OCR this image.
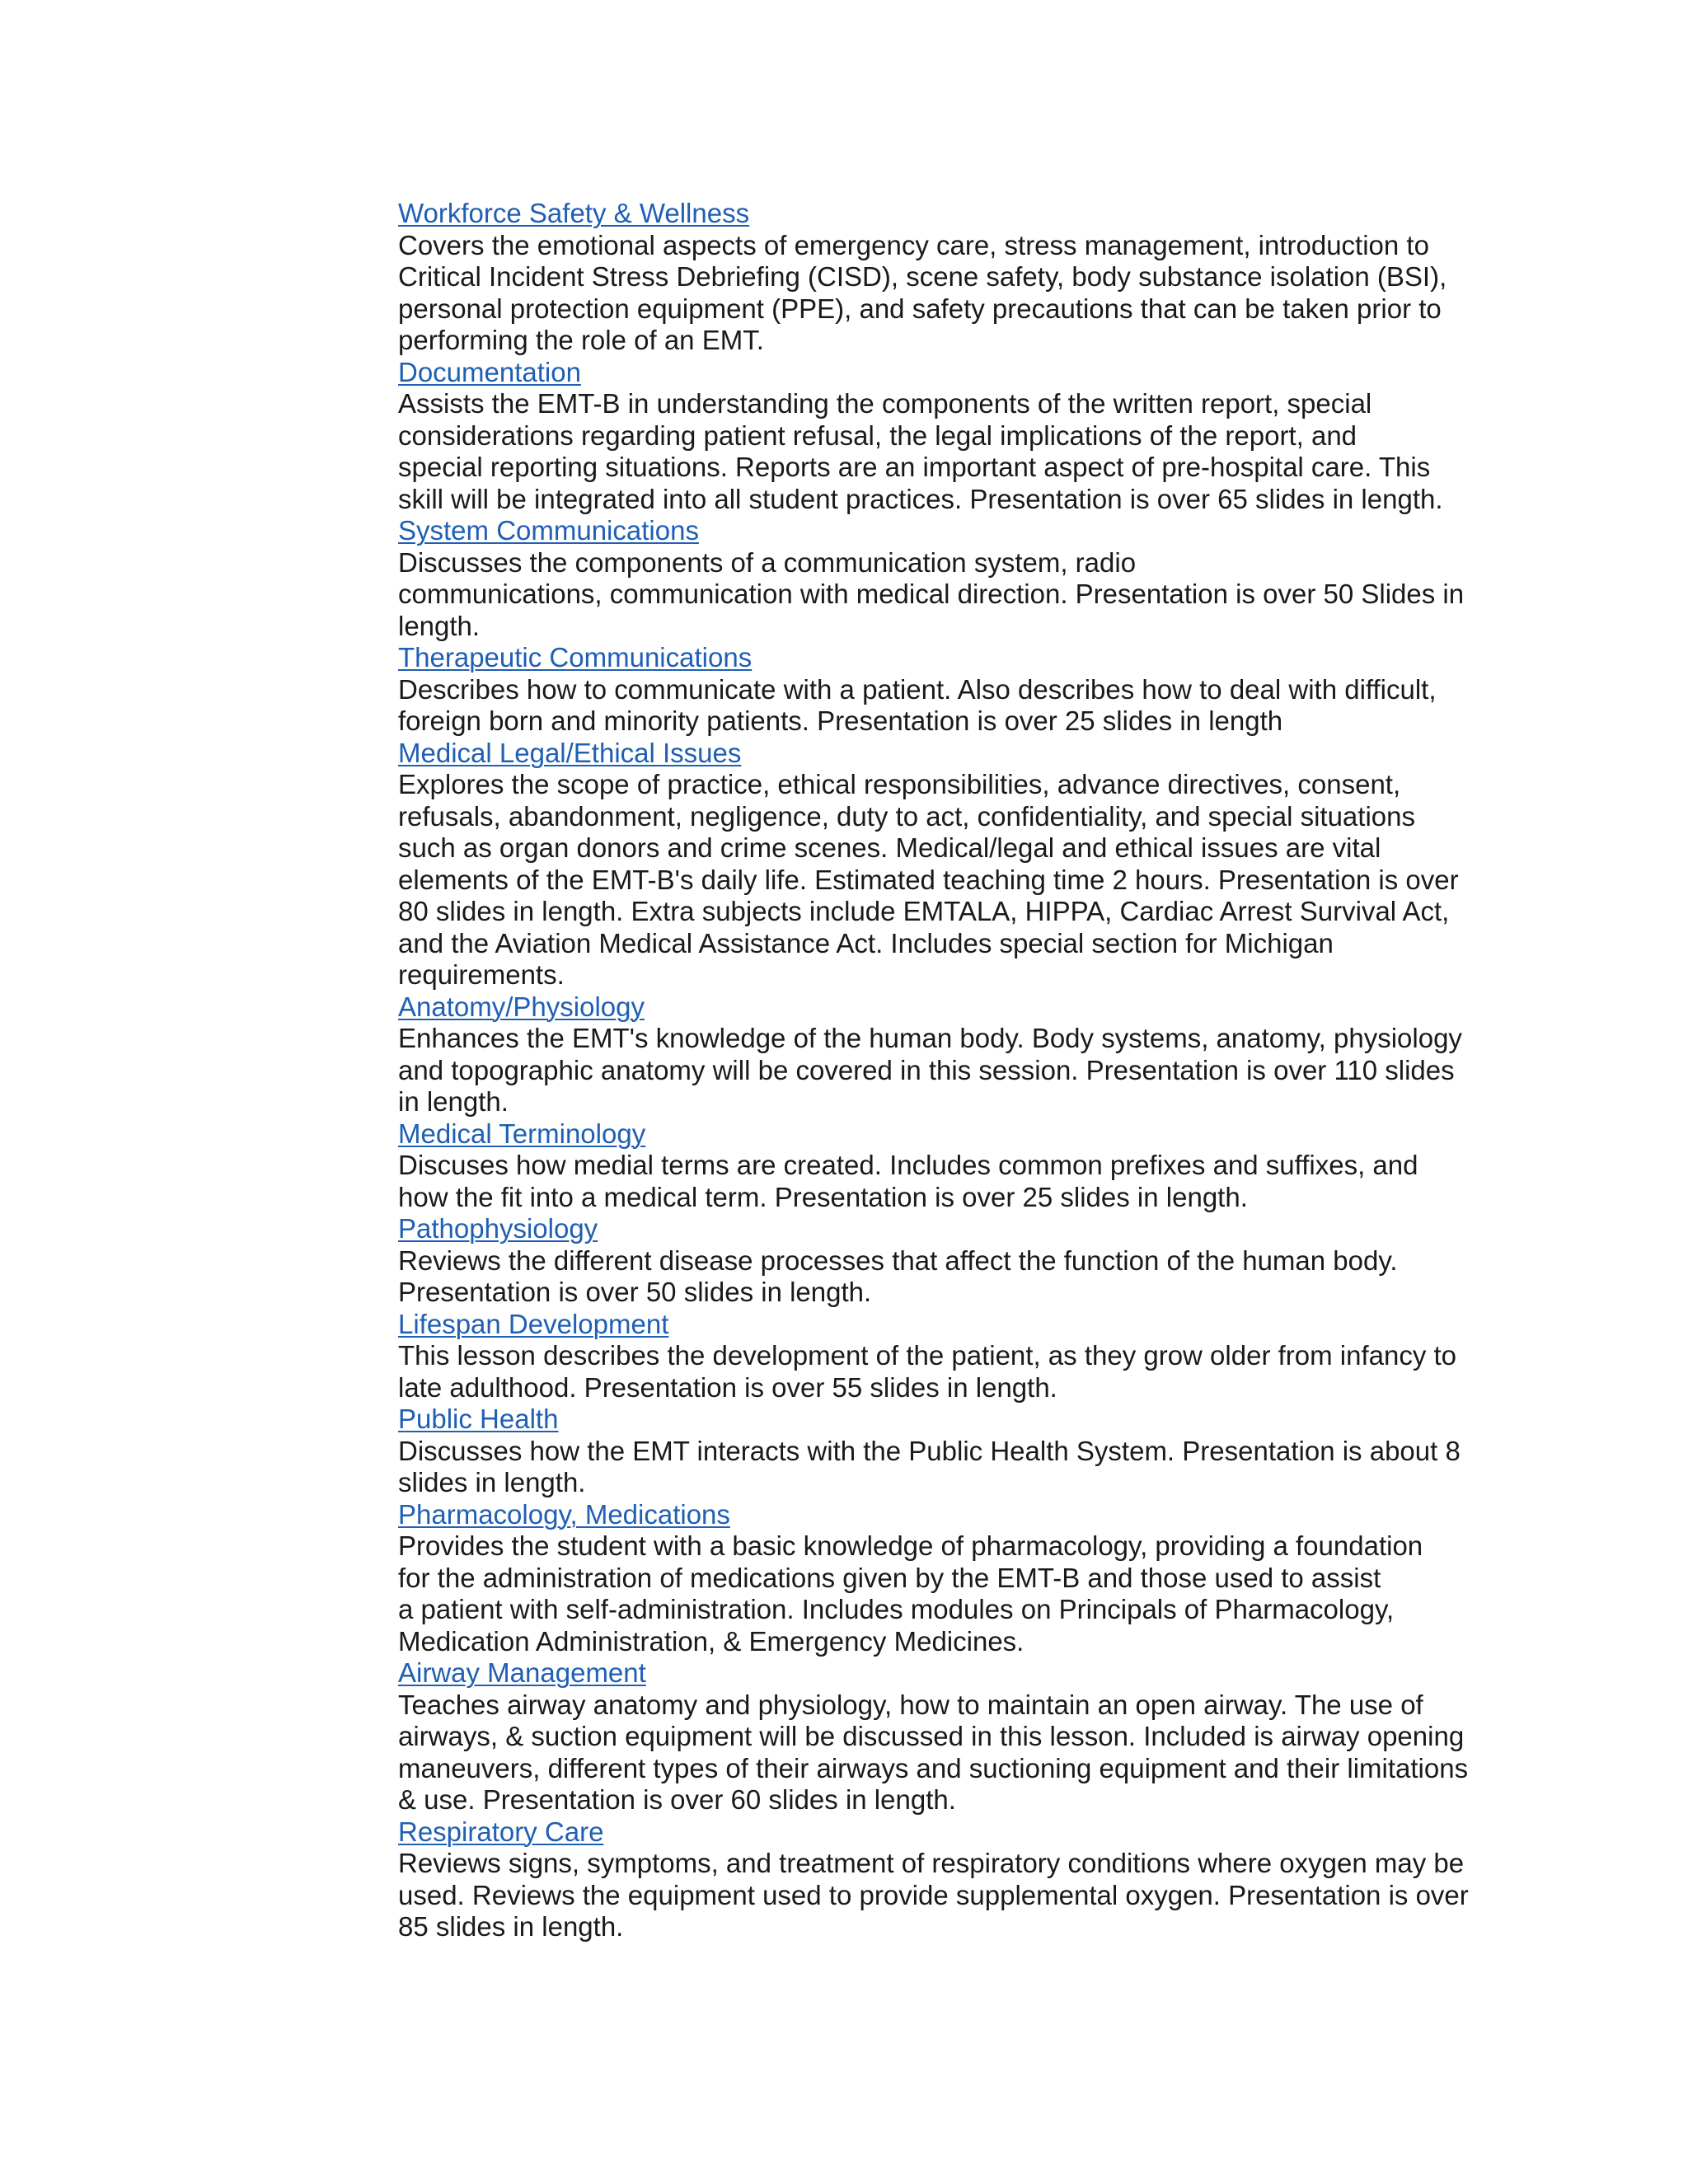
Workforce Safety & Wellness
Covers the emotional aspects of emergency care, stress management, introduction to
Critical Incident Stress Debriefing (CISD), scene safety, body substance isolation (BSI),
personal protection equipment (PPE), and safety precautions that can be taken prior to
performing the role of an EMT.
Documentation
Assists the EMT-B in understanding the components of the written report, special
considerations regarding patient refusal, the legal implications of the report, and
special reporting situations. Reports are an important aspect of pre-hospital care. This
skill will be integrated into all student practices. Presentation is over 65 slides in length.
System Communications
Discusses the components of a communication system, radio
communications, communication with medical direction. Presentation is over 50 Slides in
length.
Therapeutic Communications
Describes how to communicate with a patient. Also describes how to deal with difficult,
foreign born and minority patients. Presentation is over 25 slides in length
Medical Legal/Ethical Issues
Explores the scope of practice, ethical responsibilities, advance directives, consent,
refusals, abandonment, negligence, duty to act, confidentiality, and special situations
such as organ donors and crime scenes. Medical/legal and ethical issues are vital
elements of the EMT-B's daily life. Estimated teaching time 2 hours. Presentation is over
80 slides in length. Extra subjects include EMTALA, HIPPA, Cardiac Arrest Survival Act,
and the Aviation Medical Assistance Act. Includes special section for Michigan
requirements.
Anatomy/Physiology
Enhances the EMT's knowledge of the human body. Body systems, anatomy, physiology
and topographic anatomy will be covered in this session. Presentation is over 110 slides
in length.
Medical Terminology
Discuses how medial terms are created. Includes common prefixes and suffixes, and
how the fit into a medical term. Presentation is over 25 slides in length.
Pathophysiology
Reviews the different disease processes that affect the function of the human body.
Presentation is over 50 slides in length.
Lifespan Development
This lesson describes the development of the patient, as they grow older from infancy to
late adulthood. Presentation is over 55 slides in length.
Public Health
Discusses how the EMT interacts with the Public Health System. Presentation is about 8
slides in length.
Pharmacology, Medications
Provides the student with a basic knowledge of pharmacology, providing a foundation
for the administration of medications given by the EMT-B and those used to assist
a patient with self-administration. Includes modules on Principals of Pharmacology,
Medication Administration, & Emergency Medicines.
Airway Management
Teaches airway anatomy and physiology, how to maintain an open airway. The use of
airways, & suction equipment will be discussed in this lesson. Included is airway opening
maneuvers, different types of their airways and suctioning equipment and their limitations
& use. Presentation is over 60 slides in length.
Respiratory Care
Reviews signs, symptoms, and treatment of respiratory conditions where oxygen may be
used. Reviews the equipment used to provide supplemental oxygen. Presentation is over
85 slides in length.
